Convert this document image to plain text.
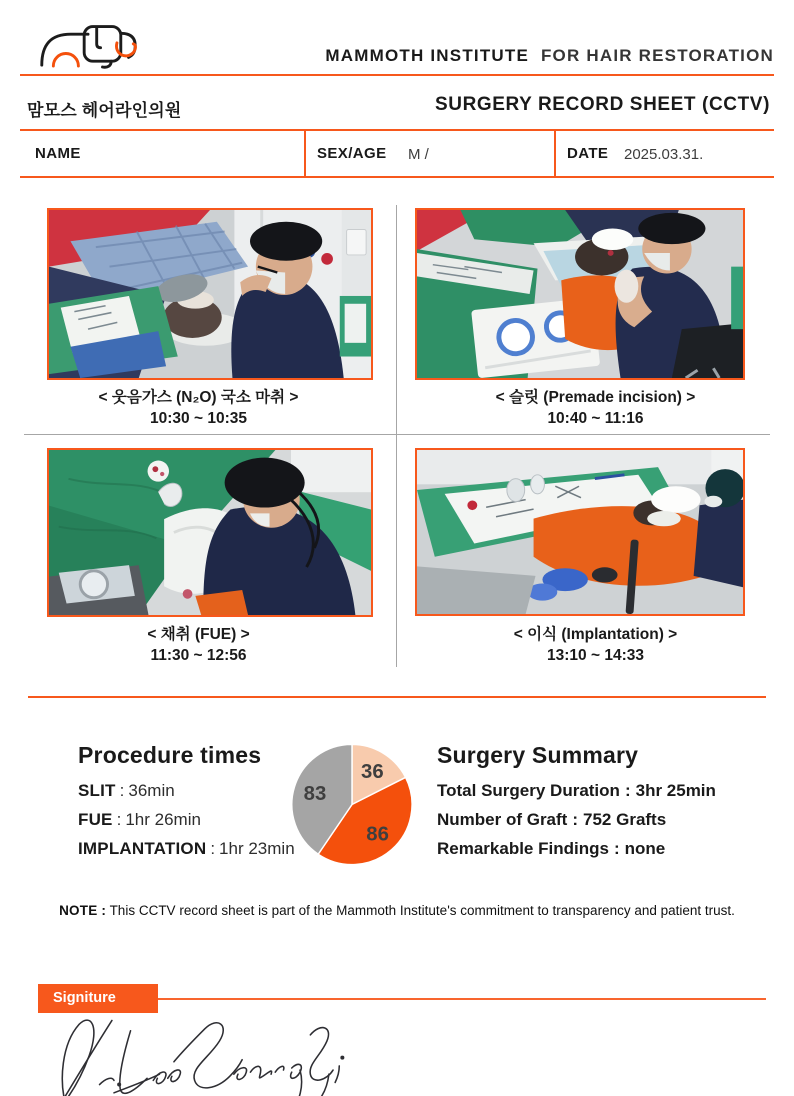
MAMMOTH INSTITUTE FOR HAIR RESTORATION
맘모스 헤어라인의원	SURGERY RECORD SHEET (CCTV)
NAME	SEX/AGE M /	DATE 2025.03.31.
< 웃음가스 (N₂O) 국소 마취 >
10:30 ~ 10:35
< 슬릿 (Premade incision) >
10:40 ~ 11:16
< 채취 (FUE) >
11:30 ~ 12:56
< 이식 (Implantation) >
13:10 ~ 14:33
Procedure times
SLIT : 36min
FUE : 1hr 26min
IMPLANTATION : 1hr 23min
36
86
83
Surgery Summary
Total Surgery Duration : 3hr 25min
Number of Graft : 752 Grafts
Remarkable Findings : none
NOTE : This CCTV record sheet is part of the Mammoth Institute's commitment to transparency and patient trust.
Signiture
